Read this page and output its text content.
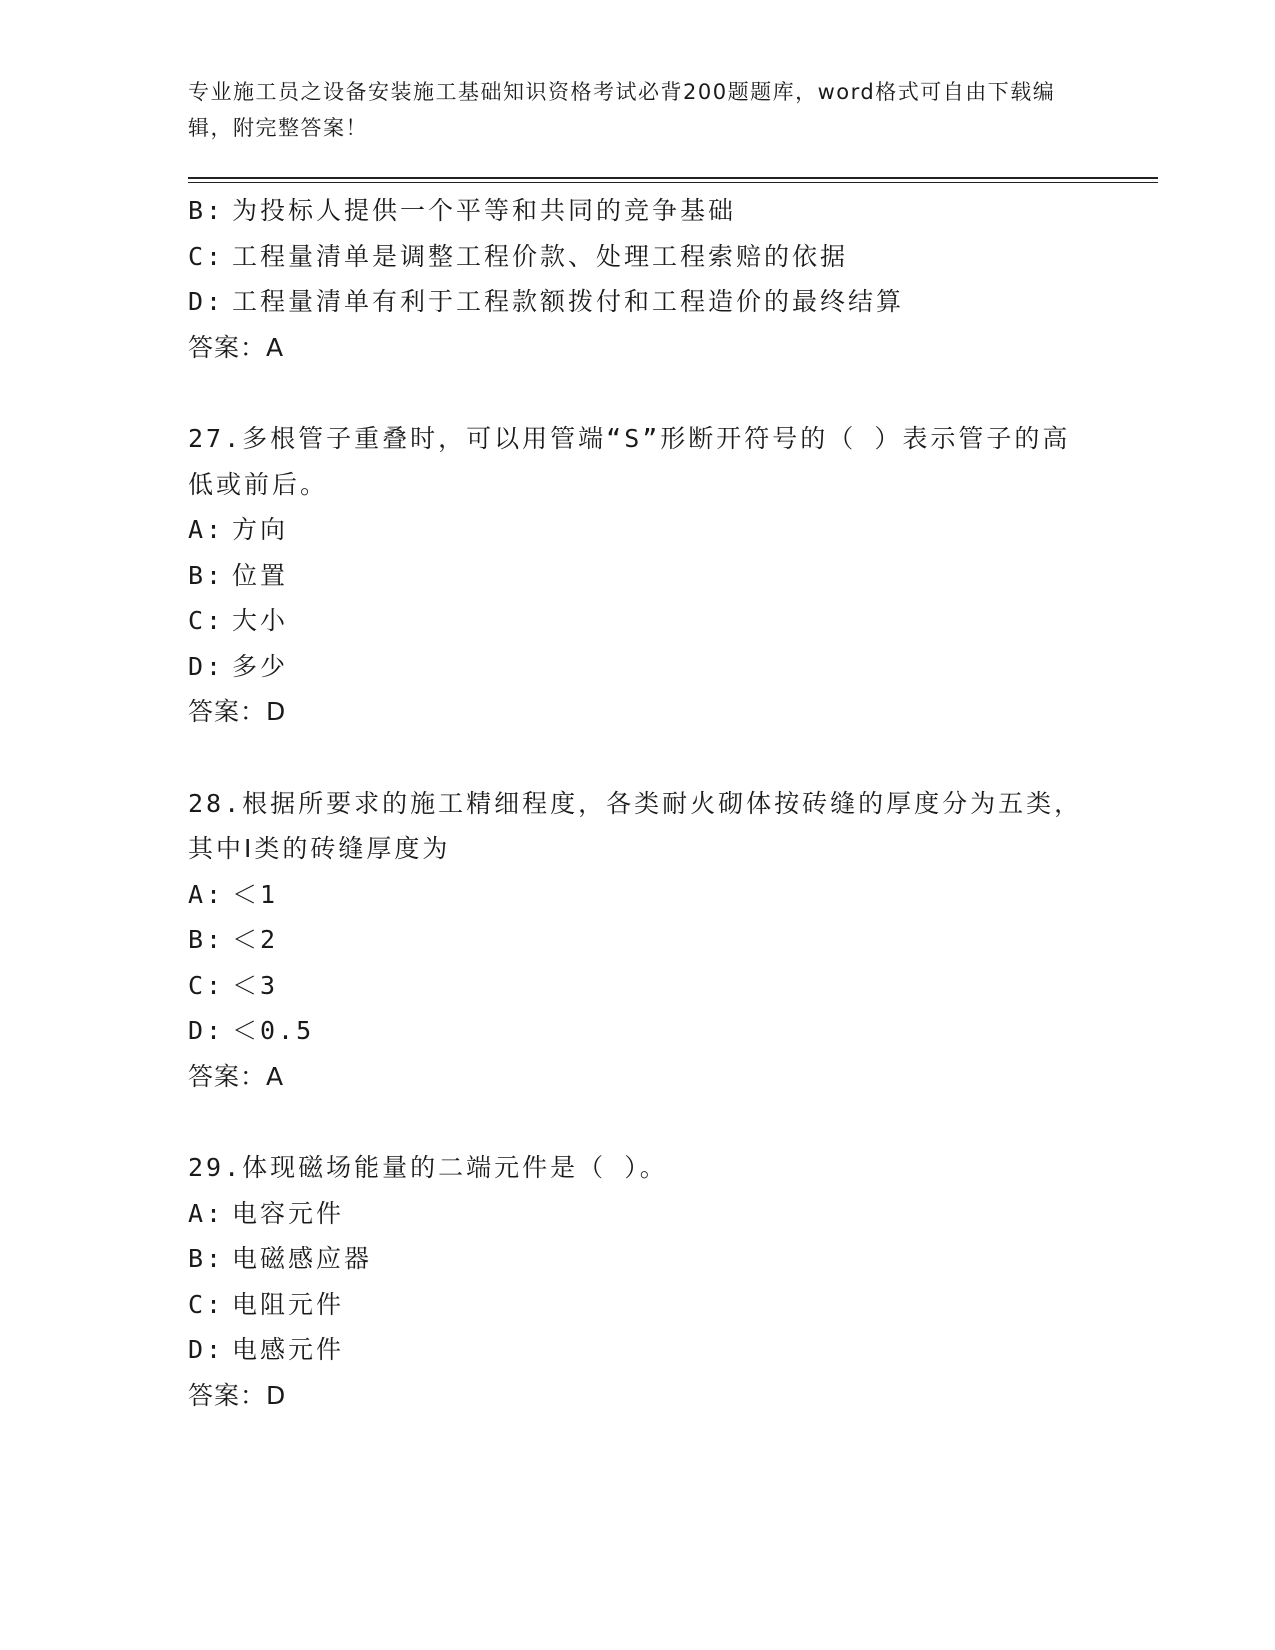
专业施工员之设备安装施工基础知识资格考试必背200题题库，word格式可自由下载编辑，附完整答案！
B: 为投标人提供一个平等和共同的竞争基础
C: 工程量清单是调整工程价款、处理工程索赔的依据
D: 工程量清单有利于工程款额拨付和工程造价的最终结算
答案：A
27.多根管子重叠时，可以用管端“S”形断开符号的（ ）表示管子的高低或前后。
A: 方向
B: 位置
C: 大小
D: 多少
答案：D
28.根据所要求的施工精细程度，各类耐火砌体按砖缝的厚度分为五类，其中Ⅰ类的砖缝厚度为
A: ＜1
B: ＜2
C: ＜3
D: ＜0.5
答案：A
29.体现磁场能量的二端元件是（ ）。
A: 电容元件
B: 电磁感应器
C: 电阻元件
D: 电感元件
答案：D
